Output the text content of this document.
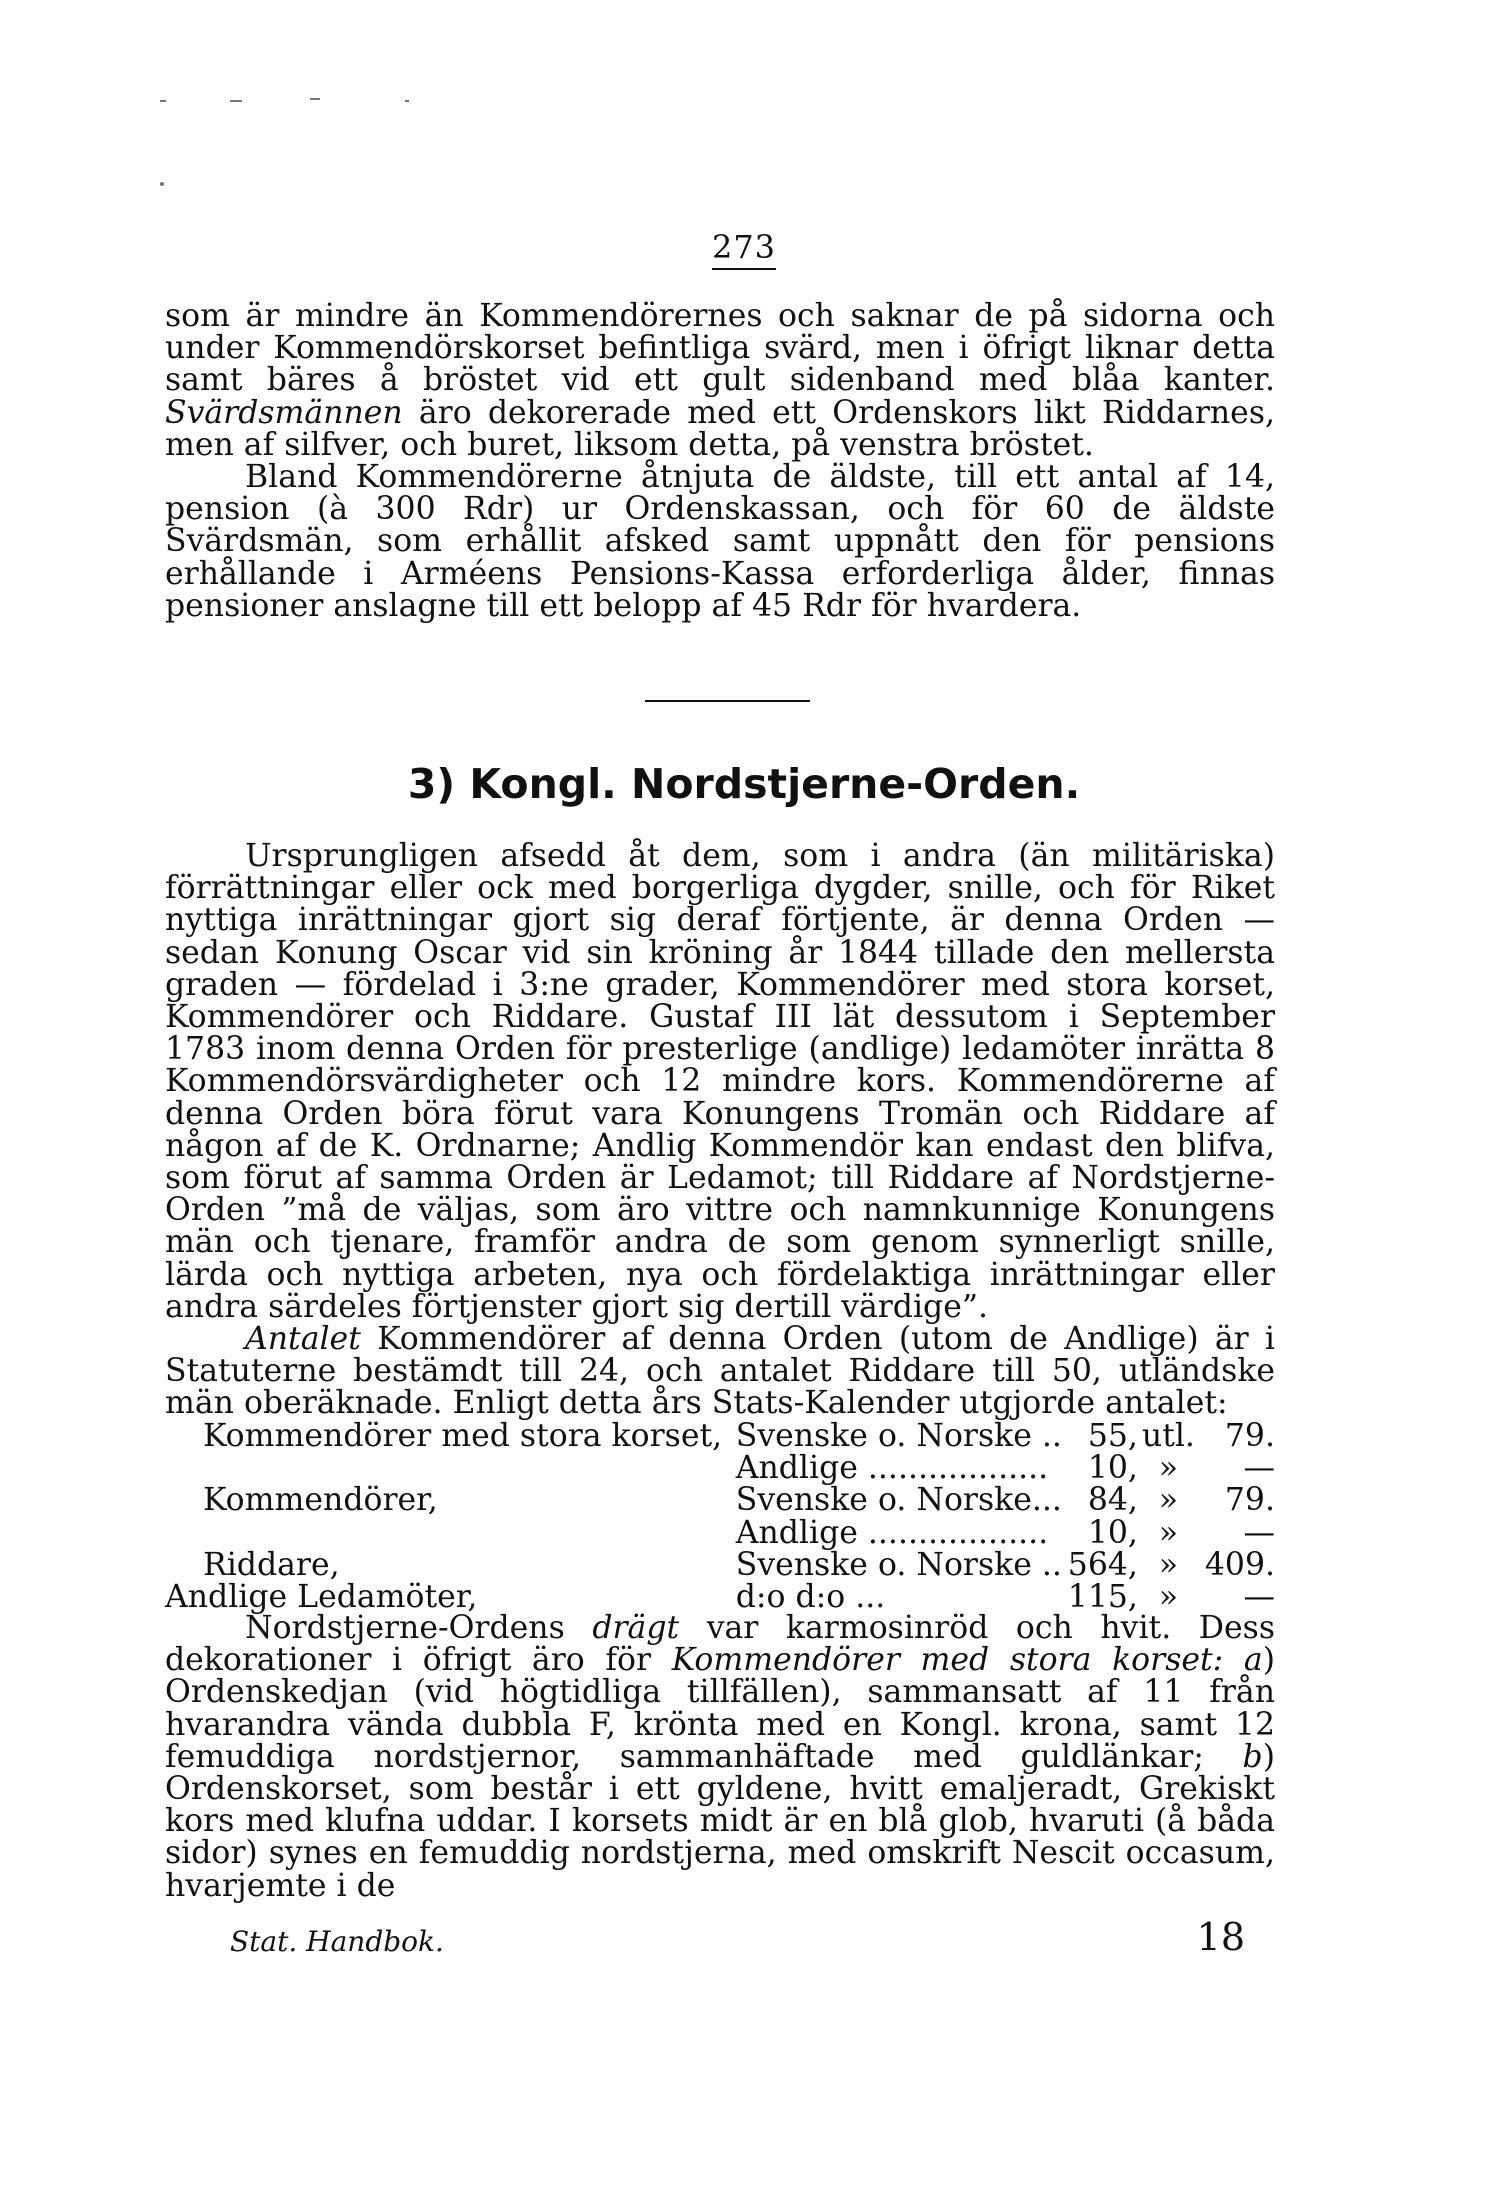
273

som är mindre än Kommendörernes och saknar de på sidorna och under Kommendörskorset befintliga svärd, men i öfrigt liknar detta samt bäres å bröstet vid ett gult sidenband med blåa kanter. Svärdsmännen äro dekorerade med ett Ordenskors likt Riddarnes, men af silfver, och buret, liksom detta, på venstra bröstet.

Bland Kommendörerne åtnjuta de äldste, till ett antal af 14, pension (à 300 Rdr) ur Ordenskassan, och för 60 de äldste Svärdsmän, som erhållit afsked samt uppnått den för pensions erhållande i Arméens Pensions-Kassa erforderliga ålder, finnas pensioner anslagne till ett belopp af 45 Rdr för hvardera.

3) Kongl. Nordstjerne-Orden.

Ursprungligen afsedd åt dem, som i andra (än militäriska) förrättningar eller ock med borgerliga dygder, snille, och för Riket nyttiga inrättningar gjort sig deraf förtjente, är denna Orden — sedan Konung Oscar vid sin kröning år 1844 tillade den mellersta graden — fördelad i 3:ne grader, Kommendörer med stora korset, Kommendörer och Riddare. Gustaf III lät dessutom i September 1783 inom denna Orden för presterlige (andlige) ledamöter inrätta 8 Kommendörsvärdigheter och 12 mindre kors. Kommendörerne af denna Orden böra förut vara Konungens Tromän och Riddare af någon af de K. Ordnarne; Andlig Kommendör kan endast den blifva, som förut af samma Orden är Ledamot; till Riddare af Nordstjerne-Orden ”må de väljas, som äro vittre och namnkunnige Konungens män och tjenare, framför andra de som genom synnerligt snille, lärda och nyttiga arbeten, nya och fördelaktiga inrättningar eller andra särdeles förtjenster gjort sig dertill värdige”.

Antalet Kommendörer af denna Orden (utom de Andlige) är i Statuterne bestämdt till 24, och antalet Riddare till 50, utländske män oberäknade. Enligt detta års Stats-Kalender utgjorde antalet:

Kommendörer med stora korset,	Svenske o. Norske ..	55,	utl.	79.
	Andlige ..................	10,	»	—
Kommendörer,	Svenske o. Norske...	84,	»	79.
	Andlige ..................	10,	»	—
Riddare,	Svenske o. Norske ..	564,	»	409.
Andlige Ledamöter,	d:o d:o ...	115,	»	—

Nordstjerne-Ordens drägt var karmosinröd och hvit. Dess dekorationer i öfrigt äro för Kommendörer med stora korset: a) Ordenskedjan (vid högtidliga tillfällen), sammansatt af 11 från hvarandra vända dubbla F, krönta med en Kongl. krona, samt 12 femuddiga nordstjernor, sammanhäftade med guldlänkar; b) Ordenskorset, som består i ett gyldene, hvitt emaljeradt, Grekiskt kors med klufna uddar. I korsets midt är en blå glob, hvaruti (å båda sidor) synes en femuddig nordstjerna, med omskrift Nescit occasum, hvarjemte i de

Stat. Handbok.	18
